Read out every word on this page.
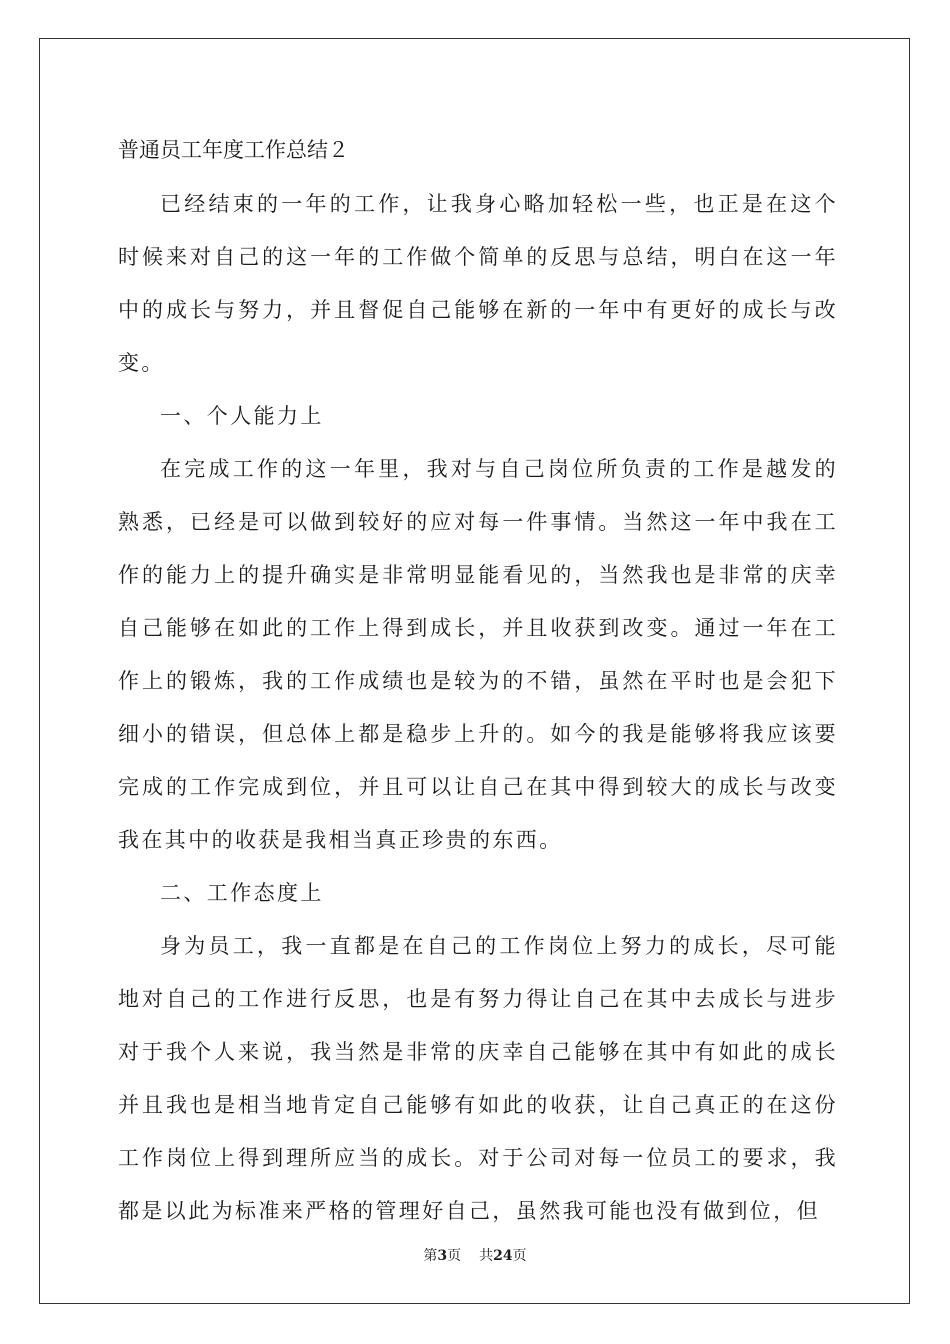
普通员工年度工作总结２

已经结束的一年的工作，让我身心略加轻松一些，也正是在这个时候来对自己的这一年的工作做个简单的反思与总结，明白在这一年中的成长与努力，并且督促自己能够在新的一年中有更好的成长与改变。

一、个人能力上

在完成工作的这一年里，我对与自己岗位所负责的工作是越发的熟悉，已经是可以做到较好的应对每一件事情。当然这一年中我在工作的能力上的提升确实是非常明显能看见的，当然我也是非常的庆幸自己能够在如此的工作上得到成长，并且收获到改变。通过一年在工作上的锻炼，我的工作成绩也是较为的不错，虽然在平时也是会犯下细小的错误，但总体上都是稳步上升的。如今的我是能够将我应该要完成的工作完成到位，并且可以让自己在其中得到较大的成长与改变我在其中的收获是我相当真正珍贵的东西。

二、工作态度上

身为员工，我一直都是在自己的工作岗位上努力的成长，尽可能地对自己的工作进行反思，也是有努力得让自己在其中去成长与进步对于我个人来说，我当然是非常的庆幸自己能够在其中有如此的成长并且我也是相当地肯定自己能够有如此的收获，让自己真正的在这份工作岗位上得到理所应当的成长。对于公司对每一位员工的要求，我都是以此为标准来严格的管理好自己，虽然我可能也没有做到位，但

第3页 共24页
